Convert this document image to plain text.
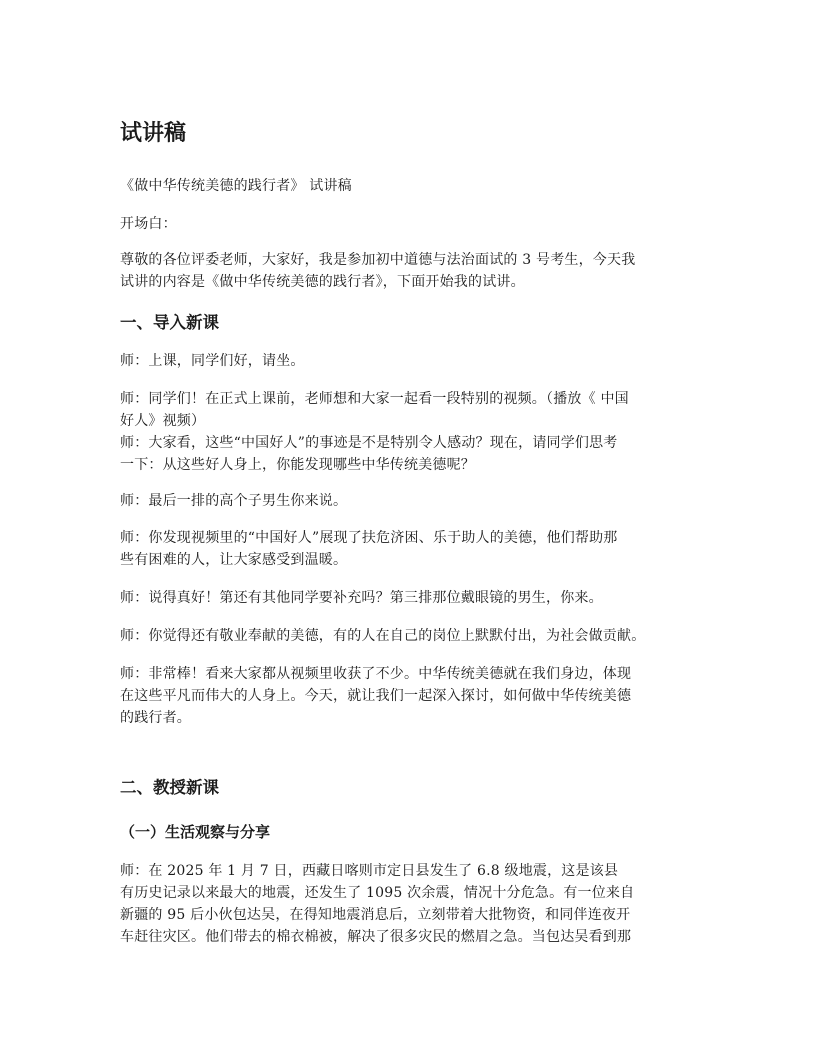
试讲稿

《做中华传统美德的践行者》 试讲稿

开场白：

尊敬的各位评委老师，大家好，我是参加初中道德与法治面试的 3 号考生，今天我
试讲的内容是《做中华传统美德的践行者》，下面开始我的试讲。

一、导入新课

师：上课，同学们好，请坐。

师：同学们！在正式上课前，老师想和大家一起看一段特别的视频。（播放《 中国
好人》视频）
师：大家看，这些“中国好人”的事迹是不是特别令人感动？现在，请同学们思考
一下：从这些好人身上，你能发现哪些中华传统美德呢？

师：最后一排的高个子男生你来说。

师：你发现视频里的“中国好人”展现了扶危济困、乐于助人的美德，他们帮助那
些有困难的人，让大家感受到温暖。

师：说得真好！第还有其他同学要补充吗？第三排那位戴眼镜的男生，你来。

师：你觉得还有敬业奉献的美德，有的人在自己的岗位上默默付出，为社会做贡献。

师：非常棒！看来大家都从视频里收获了不少。中华传统美德就在我们身边，体现
在这些平凡而伟大的人身上。今天，就让我们一起深入探讨，如何做中华传统美德
的践行者。

二、教授新课
（一）生活观察与分享

师：在 2025 年 1 月 7 日，西藏日喀则市定日县发生了 6.8 级地震，这是该县
有历史记录以来最大的地震，还发生了 1095 次余震，情况十分危急。有一位来自
新疆的 95 后小伙包达吴，在得知地震消息后，立刻带着大批物资，和同伴连夜开
车赶往灾区。他们带去的棉衣棉被，解决了很多灾民的燃眉之急。当包达吴看到那
